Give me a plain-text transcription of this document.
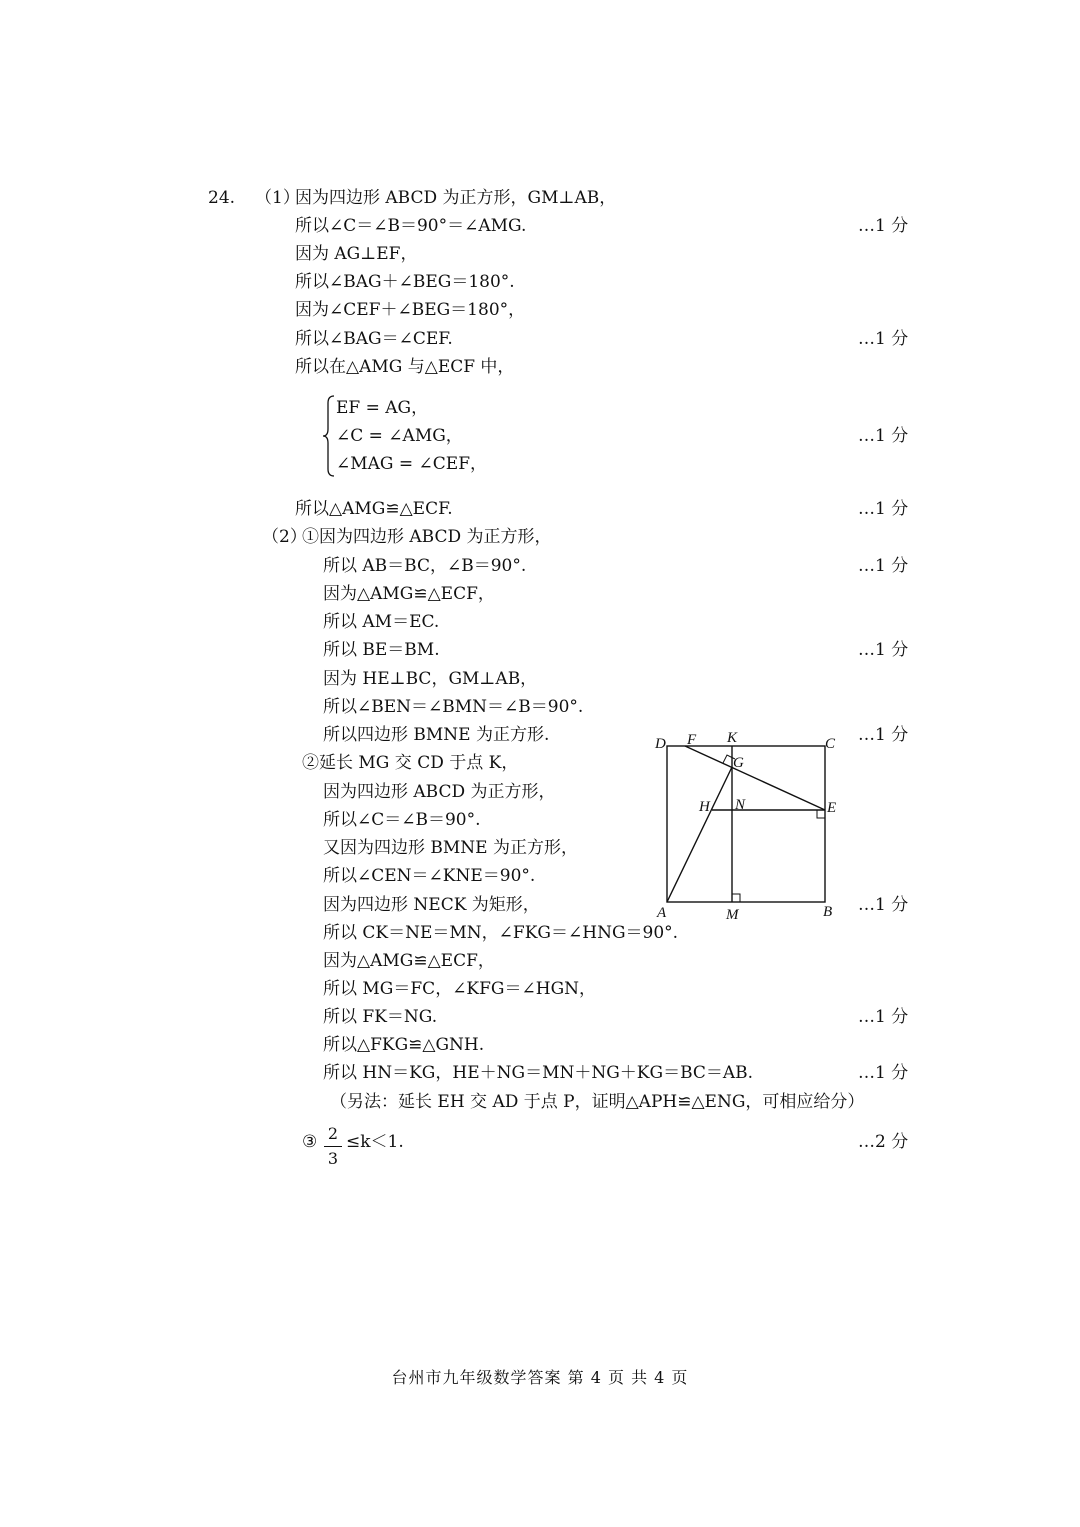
24. （1）
因为四边形 ABCD 为正方形，GM⊥AB，
所以∠C＝∠B＝90°＝∠AMG.
因为 AG⊥EF，
所以∠BAG＋∠BEG＝180°.
因为∠CEF＋∠BEG＝180°，
所以∠BAG＝∠CEF.
所以在△AMG 与△ECF 中，
EF = AG，
∠C = ∠AMG，
∠MAG = ∠CEF，
所以△AMG≌△ECF.
（2）
①因为四边形 ABCD 为正方形，
所以 AB＝BC，∠B＝90°.
因为△AMG≌△ECF，
所以 AM＝EC.
所以 BE＝BM.
因为 HE⊥BC，GM⊥AB，
所以∠BEN＝∠BMN＝∠B＝90°.
所以四边形 BMNE 为正方形.
②延长 MG 交 CD 于点 K，
因为四边形 ABCD 为正方形，
所以∠C＝∠B＝90°.
又因为四边形 BMNE 为正方形，
所以∠CEN＝∠KNE＝90°.
因为四边形 NECK 为矩形，
所以 CK＝NE＝MN，∠FKG＝∠HNG＝90°.
因为△AMG≌△ECF，
所以 MG＝FC，∠KFG＝∠HGN，
所以 FK＝NG.
所以△FKG≌△GNH.
所以 HN＝KG，HE＋NG＝MN＋NG＋KG＝BC＝AB.
（另法：延长 EH 交 AD 于点 P，证明△APH≌△ENG，可相应给分）
③ 2
3
≤k＜1.
…1 分
…1 分
…1 分
…1 分
…1 分
…1 分
…1 分
…1 分
…1 分
…1 分
…2 分
D F K	C
G
H N	E
A	M	B
台州市九年级数学答案 第 4 页 共 4 页
